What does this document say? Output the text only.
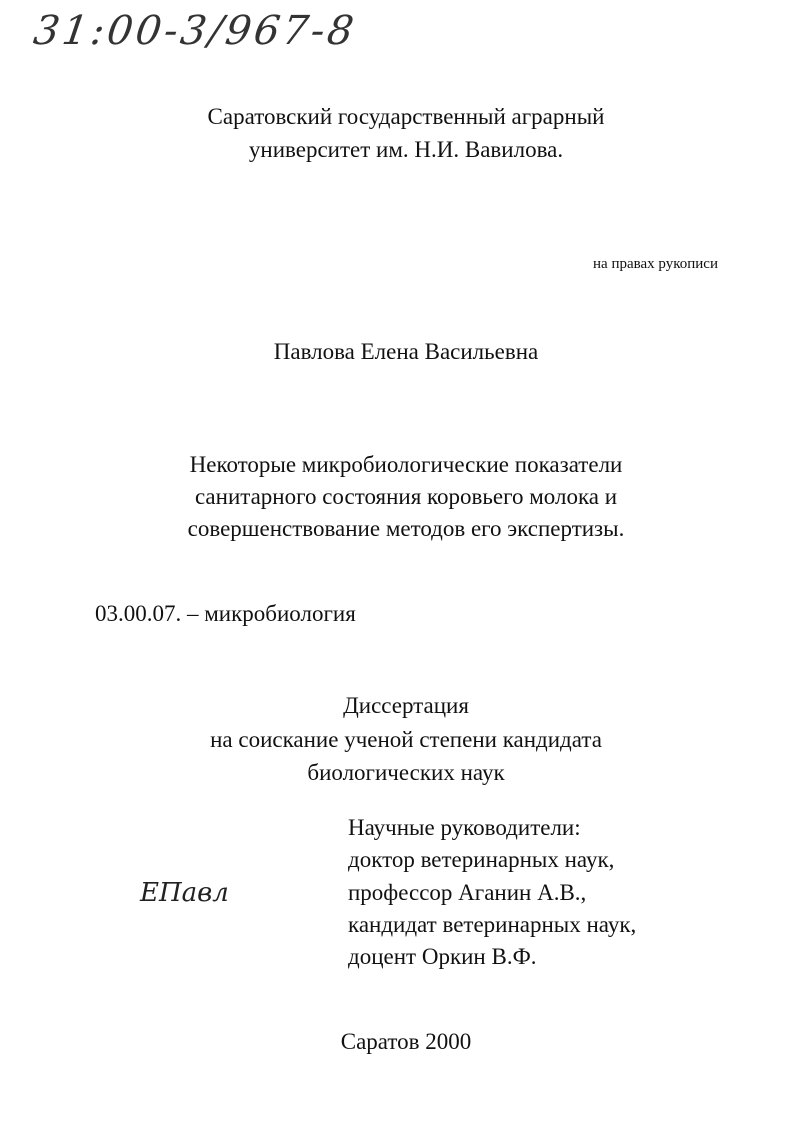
31:00-3/967-8
Саратовский государственный аграрный
университет им. Н.И. Вавилова.
на правах рукописи
Павлова Елена Васильевна
Некоторые микробиологические показатели
санитарного состояния коровьего молока и
совершенствование методов его экспертизы.
03.00.07. – микробиология
Диссертация
на соискание ученой степени кандидата
биологических наук
Научные руководители:
доктор ветеринарных наук,
профессор Аганин А.В.,
кандидат ветеринарных наук,
доцент Оркин В.Ф.
ЕПавл
Саратов 2000
